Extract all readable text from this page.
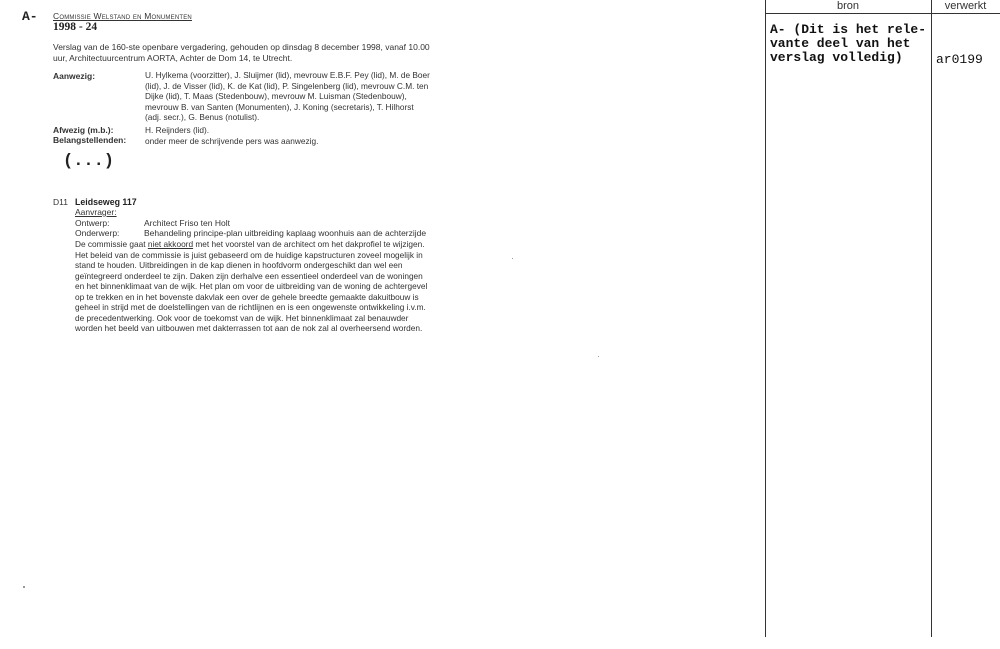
A- Commissie Welstand en Monumenten
1998 - 24
Verslag van de 160-ste openbare vergadering, gehouden op dinsdag 8 december 1998, vanaf 10.00
uur, Architectuurcentrum AORTA, Achter de Dom 14, te Utrecht.
Aanwezig:	U. Hylkema (voorzitter), J. Sluijmer (lid), mevrouw E.B.F. Pey (lid), M. de Boer
(lid), J. de Visser (lid), K. de Kat (lid), P. Singelenberg (lid), mevrouw C.M. ten
Dijke (lid), T. Maas (Stedenbouw), mevrouw M. Luisman (Stedenbouw),
mevrouw B. van Santen (Monumenten), J. Koning (secretaris), T. Hilhorst
(adj. secr.), G. Benus (notulist).
Afwezig (m.b.):	H. Reijnders (lid).
Belangstellenden: onder meer de schrijvende pers was aanwezig.
(...)
D11 Leidseweg 117
Aanvrager:
Ontwerp:	Architect Friso ten Holt
Onderwerp:	Behandeling principe-plan uitbreiding kaplaag woonhuis aan de achterzijde
De commissie gaat niet akkoord met het voorstel van de architect om het dakprofiel te wijzigen.
Het beleid van de commissie is juist gebaseerd om de huidige kapstructuren zoveel mogelijk in
stand te houden. Uitbreidingen in de kap dienen in hoofdvorm ondergeschikt dan wel een
geïntegreerd onderdeel te zijn. Daken zijn derhalve een essentieel onderdeel van de woningen
en het binnenklimaat van de wijk. Het plan om voor de uitbreiding van de woning de achtergevel
op te trekken en in het bovenste dakvlak een over de gehele breedte gemaakte dakuitbouw is
geheel in strijd met de doelstellingen van de richtlijnen en is een ongewenste ontwikkeling i.v.m.
de precedentwerking. Ook voor de toekomst van de wijk. Het binnenklimaat zal benauwder
worden het beeld van uitbouwen met dakterrassen tot aan de nok zal al overheersend worden.
bron	verwerkt
A- (Dit is het rele-
vante deel van het
verslag volledig)	ar0199
